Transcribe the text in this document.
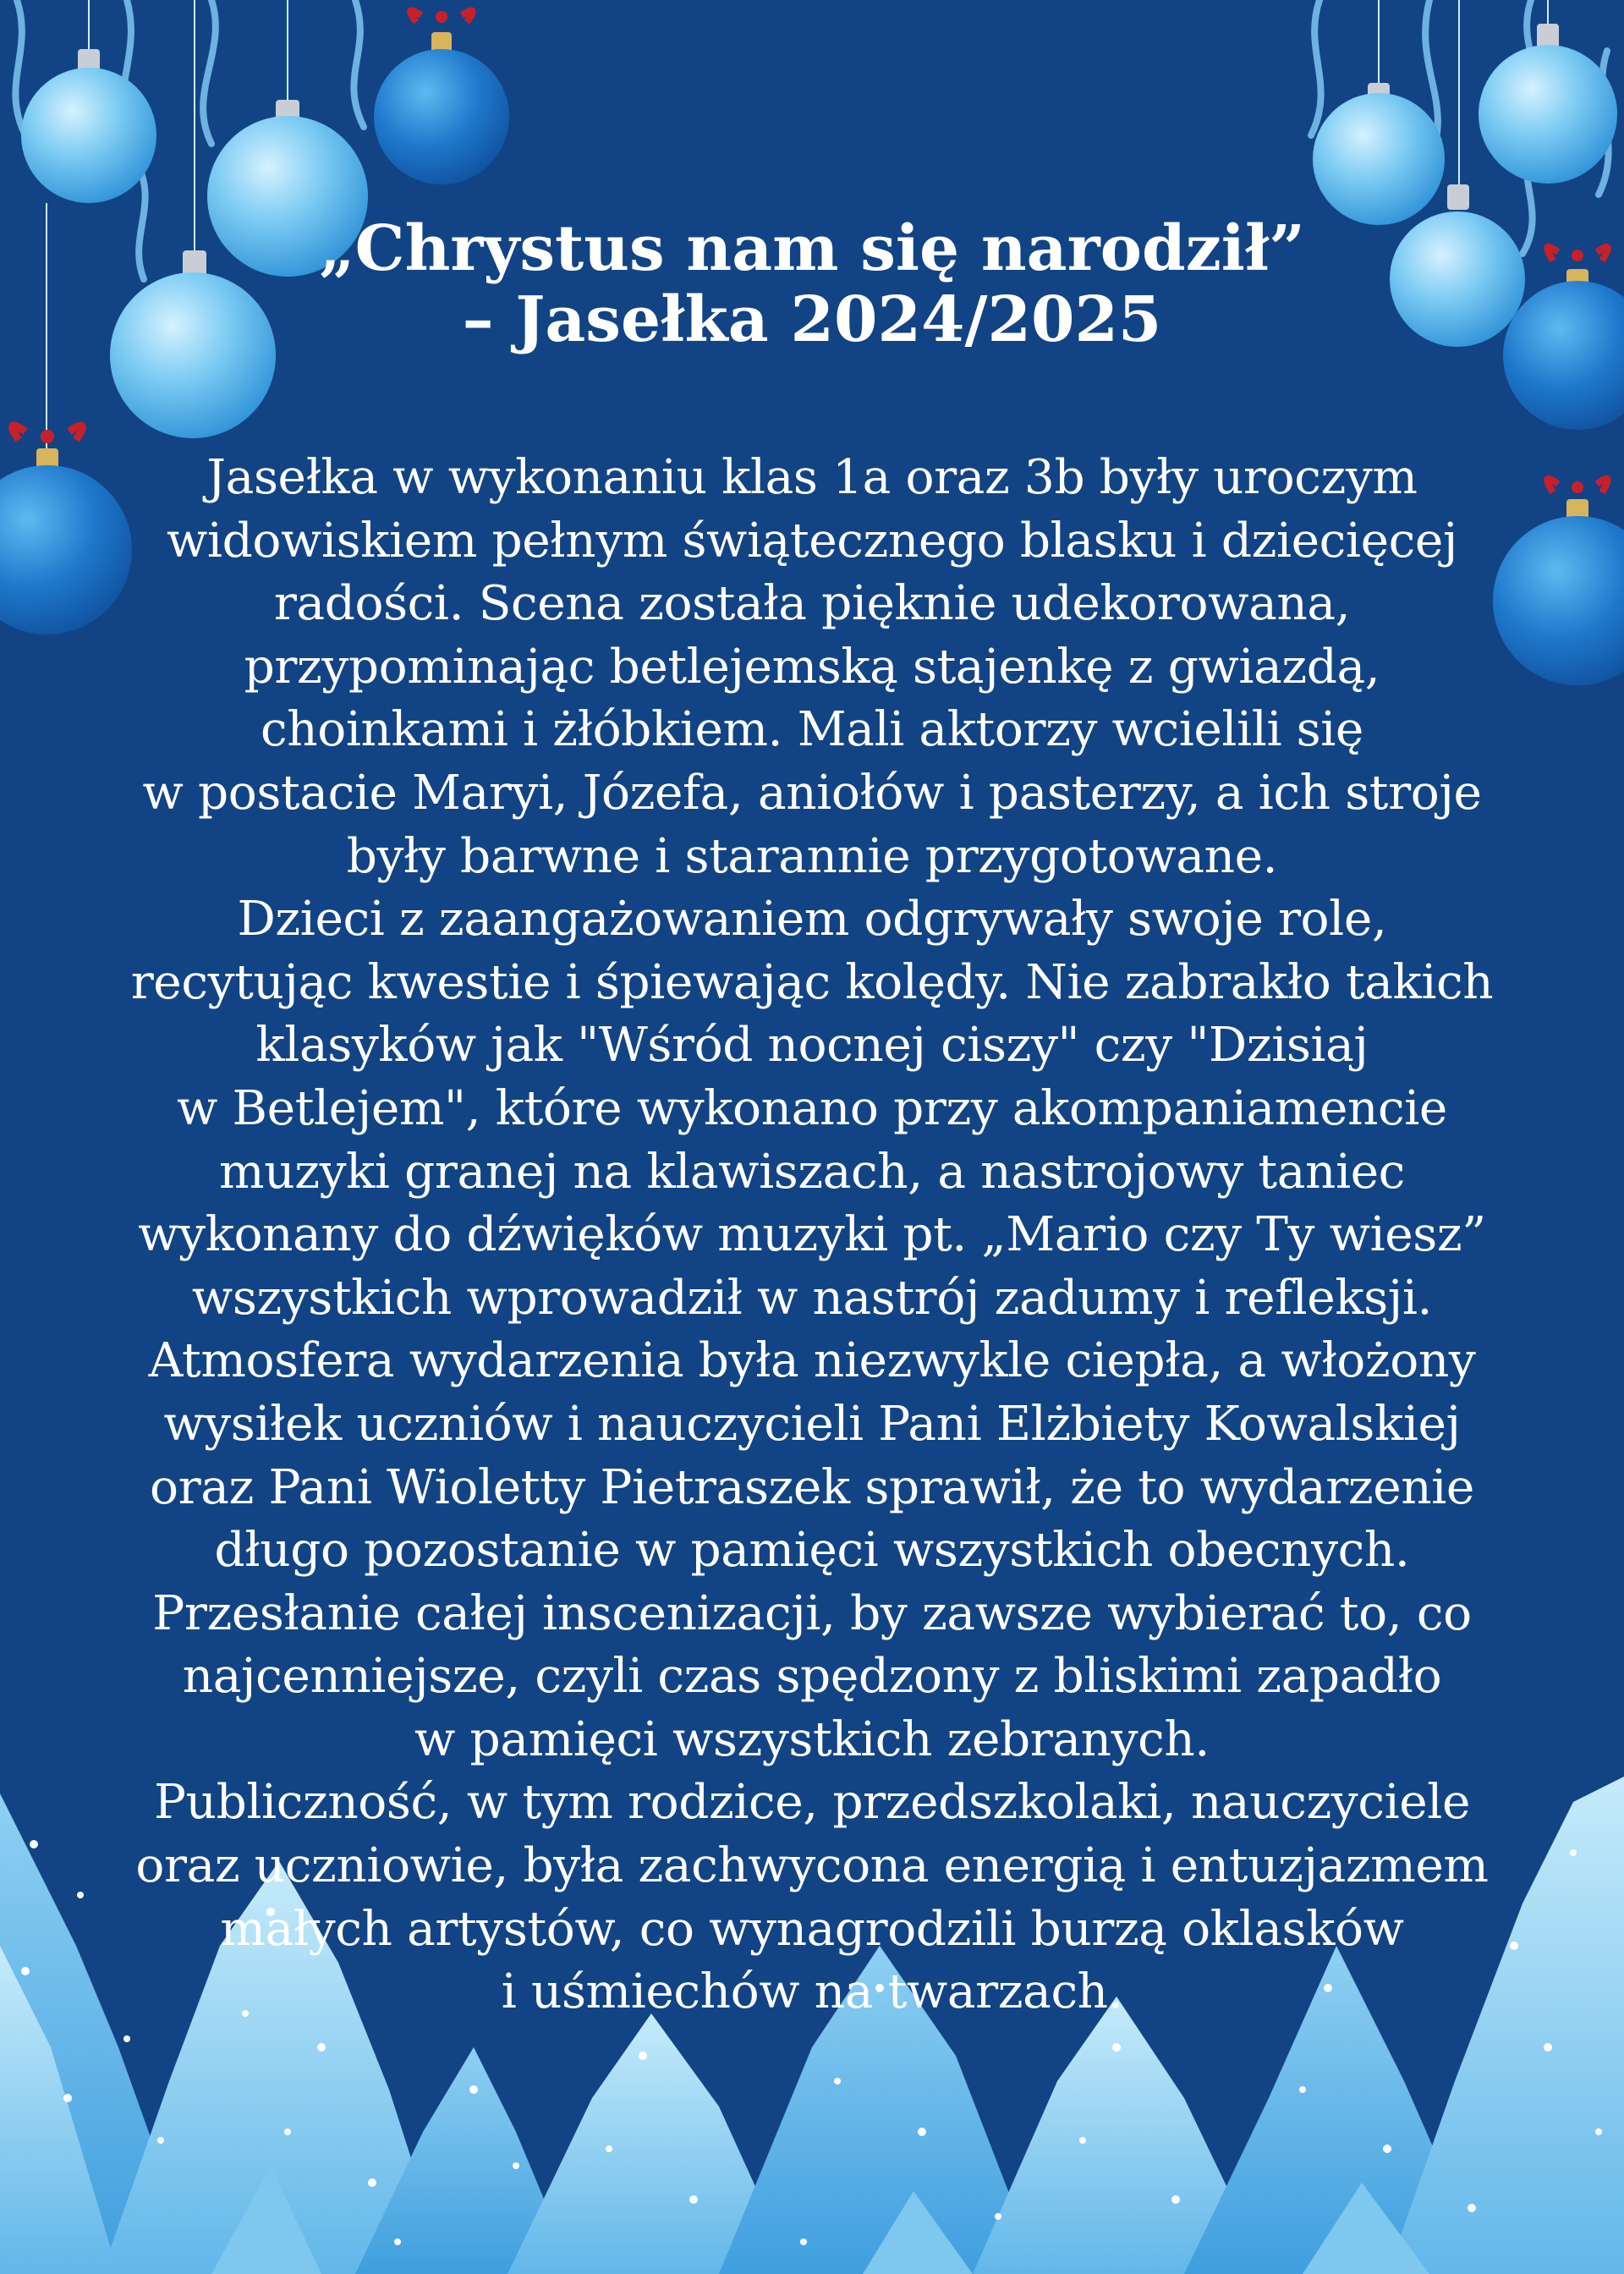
„Chrystus nam się narodził”
– Jasełka 2024/2025

Jasełka w wykonaniu klas 1a oraz 3b były uroczym
widowiskiem pełnym świątecznego blasku i dziecięcej
radości. Scena została pięknie udekorowana,
przypominając betlejemską stajenkę z gwiazdą,
choinkami i żłóbkiem. Mali aktorzy wcielili się
w postacie Maryi, Józefa, aniołów i pasterzy, a ich stroje
były barwne i starannie przygotowane.

Dzieci z zaangażowaniem odgrywały swoje role,
recytując kwestie i śpiewając kolędy. Nie zabrakło takich
klasyków jak "Wśród nocnej ciszy" czy "Dzisiaj
w Betlejem", które wykonano przy akompaniamencie
muzyki granej na klawiszach, a nastrojowy taniec
wykonany do dźwięków muzyki pt. „Mario czy Ty wiesz”
wszystkich wprowadził w nastrój zadumy i refleksji.

Atmosfera wydarzenia była niezwykle ciepła, a włożony
wysiłek uczniów i nauczycieli Pani Elżbiety Kowalskiej
oraz Pani Wioletty Pietraszek sprawił, że to wydarzenie
długo pozostanie w pamięci wszystkich obecnych.

Przesłanie całej inscenizacji, by zawsze wybierać to, co
najcenniejsze, czyli czas spędzony z bliskimi zapadło
w pamięci wszystkich zebranych.

Publiczność, w tym rodzice, przedszkolaki, nauczyciele
oraz uczniowie, była zachwycona energią i entuzjazmem
małych artystów, co wynagrodzili burzą oklasków
i uśmiechów na twarzach.
